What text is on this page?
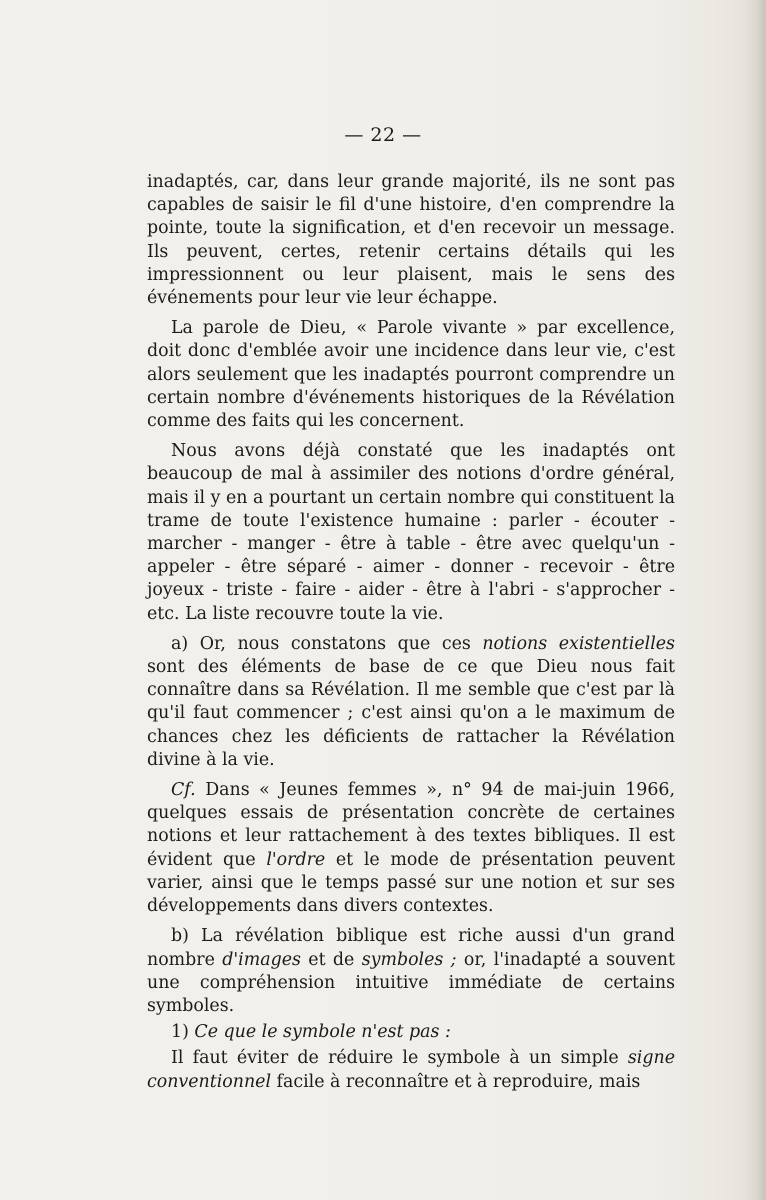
— 22 —

inadaptés, car, dans leur grande majorité, ils ne sont pas capables de saisir le fil d'une histoire, d'en comprendre la pointe, toute la signification, et d'en recevoir un message. Ils peuvent, certes, retenir certains détails qui les impressionnent ou leur plaisent, mais le sens des événements pour leur vie leur échappe.

La parole de Dieu, « Parole vivante » par excellence, doit donc d'emblée avoir une incidence dans leur vie, c'est alors seulement que les inadaptés pourront comprendre un certain nombre d'événements historiques de la Révélation comme des faits qui les concernent.

Nous avons déjà constaté que les inadaptés ont beaucoup de mal à assimiler des notions d'ordre général, mais il y en a pourtant un certain nombre qui constituent la trame de toute l'existence humaine : parler - écouter - marcher - manger - être à table - être avec quelqu'un - appeler - être séparé - aimer - donner - recevoir - être joyeux - triste - faire - aider - être à l'abri - s'approcher - etc. La liste recouvre toute la vie.

a) Or, nous constatons que ces notions existentielles sont des éléments de base de ce que Dieu nous fait connaître dans sa Révélation. Il me semble que c'est par là qu'il faut commencer ; c'est ainsi qu'on a le maximum de chances chez les déficients de rattacher la Révélation divine à la vie.

Cf. Dans « Jeunes femmes », n° 94 de mai-juin 1966, quelques essais de présentation concrète de certaines notions et leur rattachement à des textes bibliques. Il est évident que l'ordre et le mode de présentation peuvent varier, ainsi que le temps passé sur une notion et sur ses développements dans divers contextes.

b) La révélation biblique est riche aussi d'un grand nombre d'images et de symboles ; or, l'inadapté a souvent une compréhension intuitive immédiate de certains symboles.

1) Ce que le symbole n'est pas :

Il faut éviter de réduire le symbole à un simple signe conventionnel facile à reconnaître et à reproduire, mais
